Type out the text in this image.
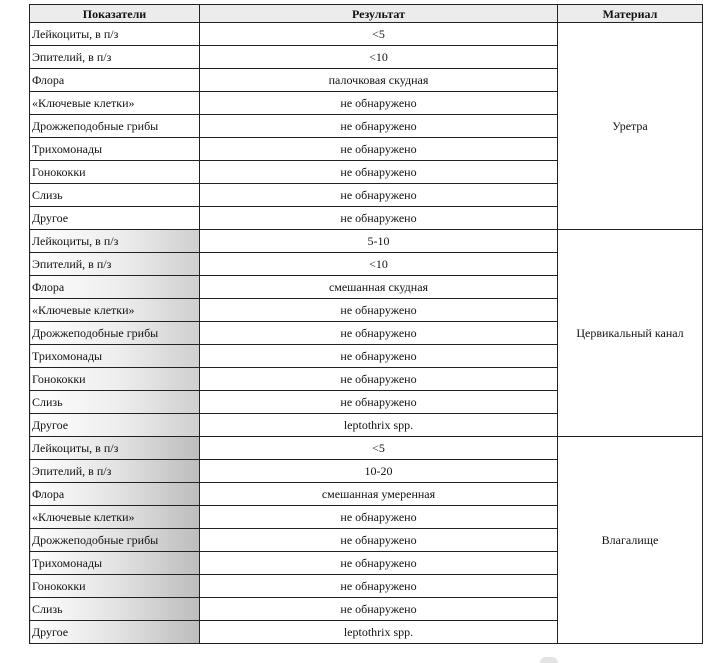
Показатели	Результат	Материал
Лейкоциты, в п/з	<5	Уретра
Эпителий, в п/з	<10	
Флора	палочковая скудная	
«Ключевые клетки»	не обнаружено	
Дрожжеподобные грибы	не обнаружено	
Трихомонады	не обнаружено	
Гонококки	не обнаружено	
Слизь	не обнаружено	
Другое	не обнаружено	
Лейкоциты, в п/з	5-10	Цервикальный канал
Эпителий, в п/з	<10	
Флора	смешанная скудная	
«Ключевые клетки»	не обнаружено	
Дрожжеподобные грибы	не обнаружено	
Трихомонады	не обнаружено	
Гонококки	не обнаружено	
Слизь	не обнаружено	
Другое	leptothrix spp.	
Лейкоциты, в п/з	<5	Влагалище
Эпителий, в п/з	10-20	
Флора	смешанная умеренная	
«Ключевые клетки»	не обнаружено	
Дрожжеподобные грибы	не обнаружено	
Трихомонады	не обнаружено	
Гонококки	не обнаружено	
Слизь	не обнаружено	
Другое	leptothrix spp.	
